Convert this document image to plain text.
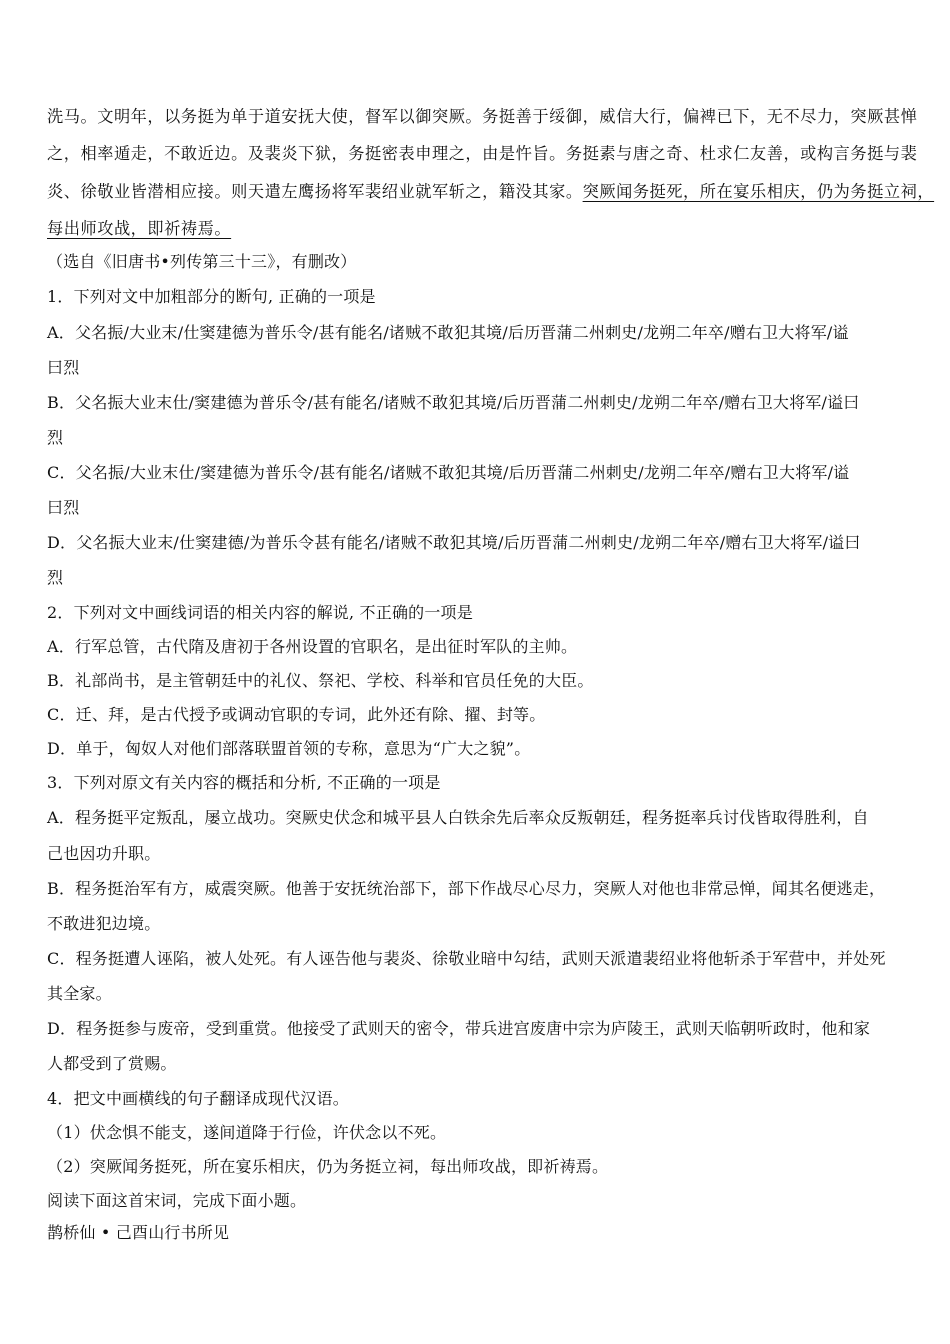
洗马。文明年，以务挺为单于道安抚大使，督军以御突厥。务挺善于绥御，威信大行，偏裨已下，无不尽力，突厥甚惮
之，相率遁走，不敢近边。及裴炎下狱，务挺密表申理之，由是忤旨。务挺素与唐之奇、杜求仁友善，或构言务挺与裴
炎、徐敬业皆潜相应接。则天遣左鹰扬将军裴绍业就军斩之，籍没其家。突厥闻务挺死，所在宴乐相庆，仍为务挺立祠，
每出师攻战，即祈祷焉。
（选自《旧唐书•列传第三十三》，有删改）
1．下列对文中加粗部分的断句, 正确的一项是
A．父名振/大业末/仕窦建德为普乐令/甚有能名/诸贼不敢犯其境/后历晋蒲二州刺史/龙朔二年卒/赠右卫大将军/谥
曰烈
B．父名振大业末仕/窦建德为普乐令/甚有能名/诸贼不敢犯其境/后历晋蒲二州刺史/龙朔二年卒/赠右卫大将军/谥曰
烈
C．父名振/大业末仕/窦建德为普乐令/甚有能名/诸贼不敢犯其境/后历晋蒲二州刺史/龙朔二年卒/赠右卫大将军/谥
曰烈
D．父名振大业末/仕窦建德/为普乐令甚有能名/诸贼不敢犯其境/后历晋蒲二州刺史/龙朔二年卒/赠右卫大将军/谥曰
烈
2．下列对文中画线词语的相关内容的解说, 不正确的一项是
A．行军总管，古代隋及唐初于各州设置的官职名，是出征时军队的主帅。
B．礼部尚书，是主管朝廷中的礼仪、祭祀、学校、科举和官员任免的大臣。
C．迁、拜，是古代授予或调动官职的专词，此外还有除、擢、封等。
D．单于，匈奴人对他们部落联盟首领的专称，意思为“广大之貌”。
3．下列对原文有关内容的概括和分析, 不正确的一项是
A．程务挺平定叛乱，屡立战功。突厥史伏念和城平县人白铁余先后率众反叛朝廷，程务挺率兵讨伐皆取得胜利，自
己也因功升职。
B．程务挺治军有方，威震突厥。他善于安抚统治部下，部下作战尽心尽力，突厥人对他也非常忌惮，闻其名便逃走，
不敢进犯边境。
C．程务挺遭人诬陷，被人处死。有人诬告他与裴炎、徐敬业暗中勾结，武则天派遣裴绍业将他斩杀于军营中，并处死
其全家。
D．程务挺参与废帝，受到重赏。他接受了武则天的密令，带兵进宫废唐中宗为庐陵王，武则天临朝听政时，他和家
人都受到了赏赐。
4．把文中画横线的句子翻译成现代汉语。
（1）伏念惧不能支，遂间道降于行俭，许伏念以不死。
（2）突厥闻务挺死，所在宴乐相庆，仍为务挺立祠，每出师攻战，即祈祷焉。
阅读下面这首宋词，完成下面小题。
鹊桥仙 • 己酉山行书所见
